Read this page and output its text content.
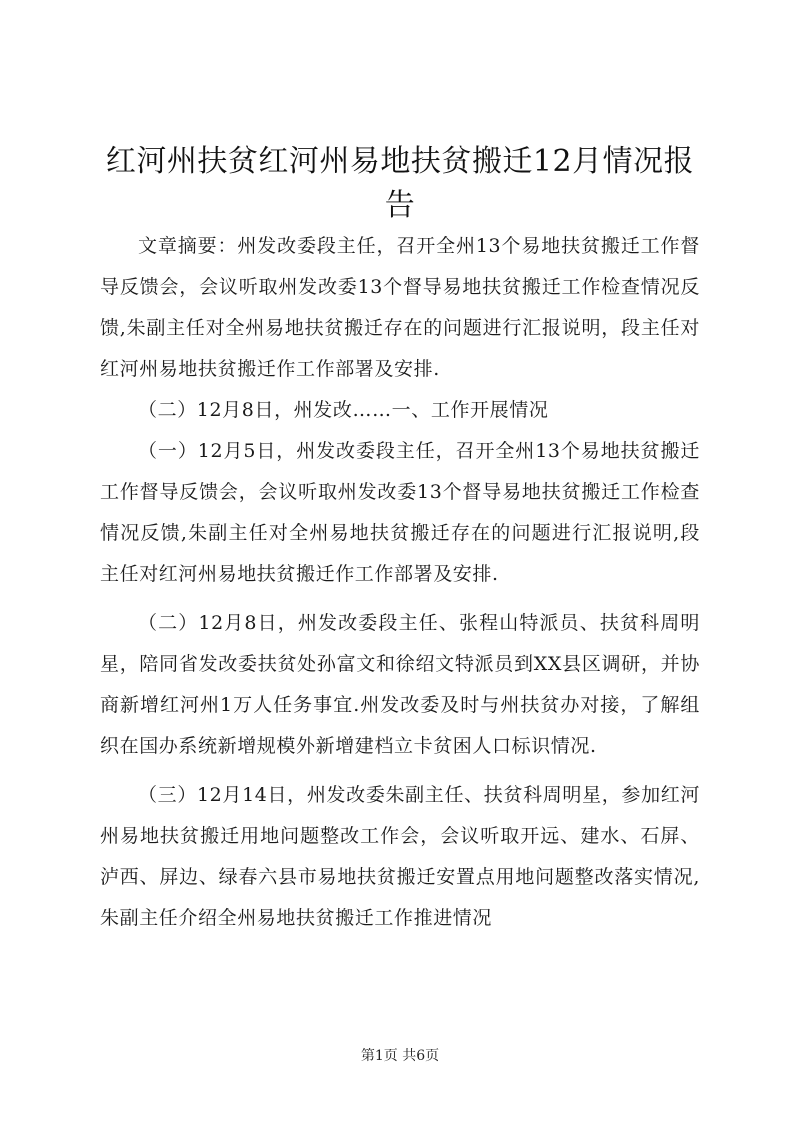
红河州扶贫红河州易地扶贫搬迁12月情况报告

文章摘要：州发改委段主任，召开全州13个易地扶贫搬迁工作督导反馈会，会议听取州发改委13个督导易地扶贫搬迁工作检查情况反馈,朱副主任对全州易地扶贫搬迁存在的问题进行汇报说明，段主任对红河州易地扶贫搬迁作工作部署及安排.

（二）12月8日，州发改……一、工作开展情况

（一）12月5日，州发改委段主任，召开全州13个易地扶贫搬迁工作督导反馈会，会议听取州发改委13个督导易地扶贫搬迁工作检查情况反馈,朱副主任对全州易地扶贫搬迁存在的问题进行汇报说明,段主任对红河州易地扶贫搬迁作工作部署及安排.

（二）12月8日，州发改委段主任、张程山特派员、扶贫科周明星，陪同省发改委扶贫处孙富文和徐绍文特派员到XX县区调研，并协商新增红河州1万人任务事宜.州发改委及时与州扶贫办对接，了解组织在国办系统新增规模外新增建档立卡贫困人口标识情况.

（三）12月14日，州发改委朱副主任、扶贫科周明星，参加红河州易地扶贫搬迁用地问题整改工作会，会议听取开远、建水、石屏、泸西、屏边、绿春六县市易地扶贫搬迁安置点用地问题整改落实情况,朱副主任介绍全州易地扶贫搬迁工作推进情况

第1页 共6页
